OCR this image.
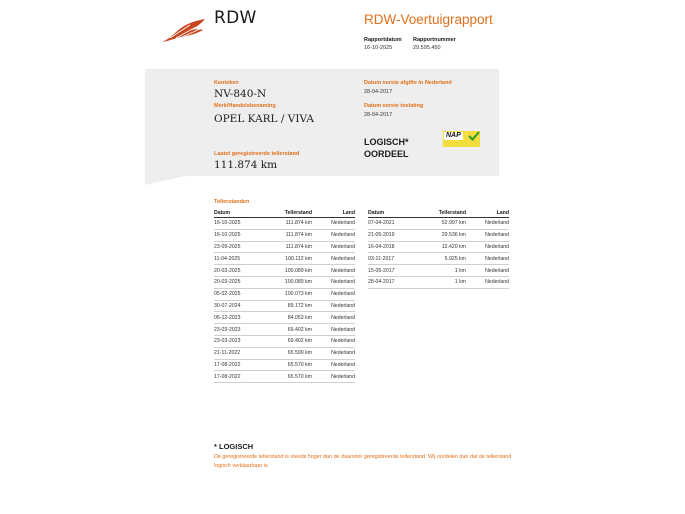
RDW	RDW-Voertuigrapport
Rapportdatum
16-10-2025
Rapportnummer
29.595.450
Kenteken
NV-840-N
Merk/Handelsbenaming
OPEL KARL / VIVA
Laatst geregistreerde tellerstand
111.874 km
Datum eerste afgifte in Nederland
28-04-2017
Datum eerste toelating
28-04-2017
LOGISCH*
OORDEEL
NAP
Tellerstanden
Datum	Tellerstand	Land
16-10-2025	111.874 km	Nederland
16-10-2025	111.874 km	Nederland
23-09-2025	111.874 km	Nederland
11-04-2025	100.112 km	Nederland
20-03-2025	100.089 km	Nederland
20-03-2025	100.089 km	Nederland
05-02-2025	100.073 km	Nederland
30-07-2024	89.172 km	Nederland
06-12-2023	84.053 km	Nederland
23-03-2023	69.402 km	Nederland
23-03-2023	69.402 km	Nederland
21-11-2022	65.599 km	Nederland
17-08-2022	65.570 km	Nederland
17-08-2022	65.570 km	Nederland
Datum	Tellerstand	Land
07-04-2021	52.997 km	Nederland
21-05-2019	29.536 km	Nederland
16-04-2018	12.420 km	Nederland
03-11-2017	5.925 km	Nederland
15-05-2017	1 km	Nederland
28-04-2017	1 km	Nederland
* LOGISCH
De geregistreerde tellerstand is steeds hoger dan de daarvoor geregistreerde tellerstand. Wij oordelen dan dat de tellerstand logisch verklaarbaar is.
